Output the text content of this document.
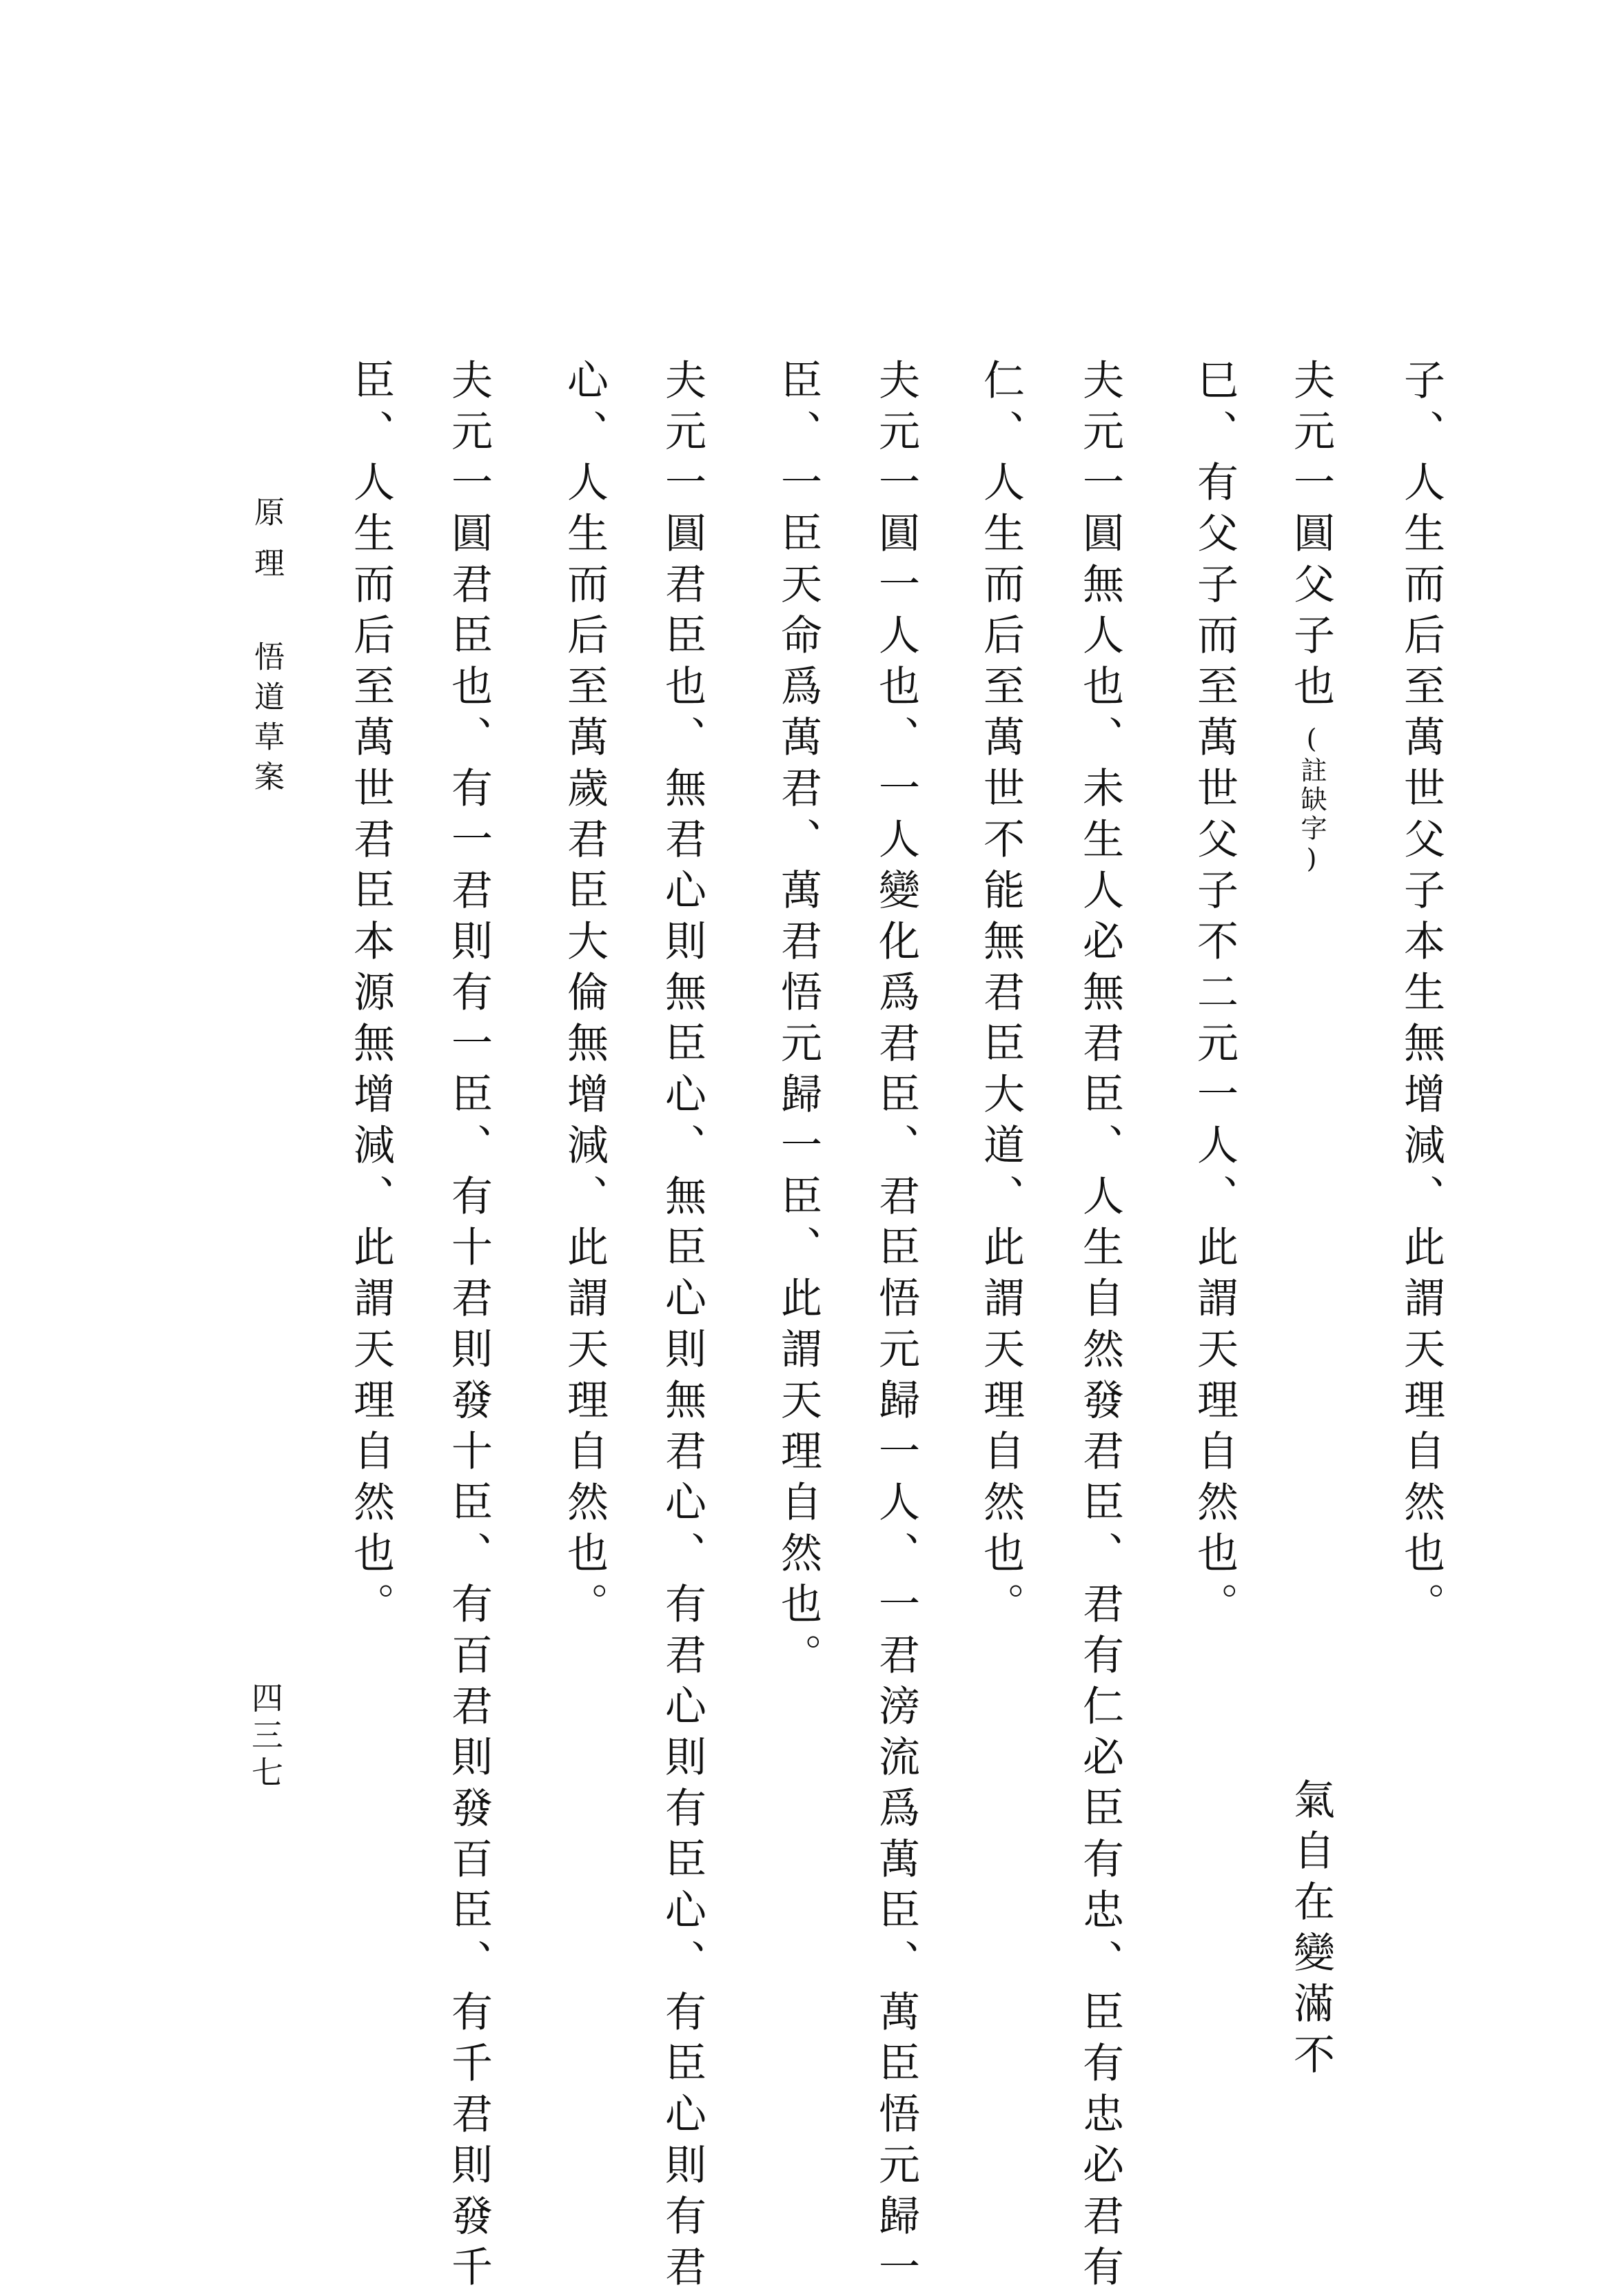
子、人生而后至萬世父子本生無增減、此謂天理自然也。
夫元一圓父子也
(註缺字)
氣自在變滿不
巳、有父子而至萬世父子不二元一人、此謂天理自然也。
夫元一圓無人也、未生人必無君臣、人生自然發君臣、君有仁必臣有忠、臣有忠必君有
仁、人生而后至萬世不能無君臣大道、此謂天理自然也。
夫元一圓一人也、一人變化爲君臣、君臣悟元歸一人、一君滂流爲萬臣、萬臣悟元歸一
臣、一臣天命爲萬君、萬君悟元歸一臣、此謂天理自然也。
夫元一圓君臣也、無君心則無臣心、無臣心則無君心、有君心則有臣心、有臣心則有君
心、人生而后至萬歲君臣大倫無增減、此謂天理自然也。
夫元一圓君臣也、有一君則有一臣、有十君則發十臣、有百君則發百臣、有千君則發千
臣、人生而后至萬世君臣本源無增減、此謂天理自然也。
原理
悟道草案
四三七
